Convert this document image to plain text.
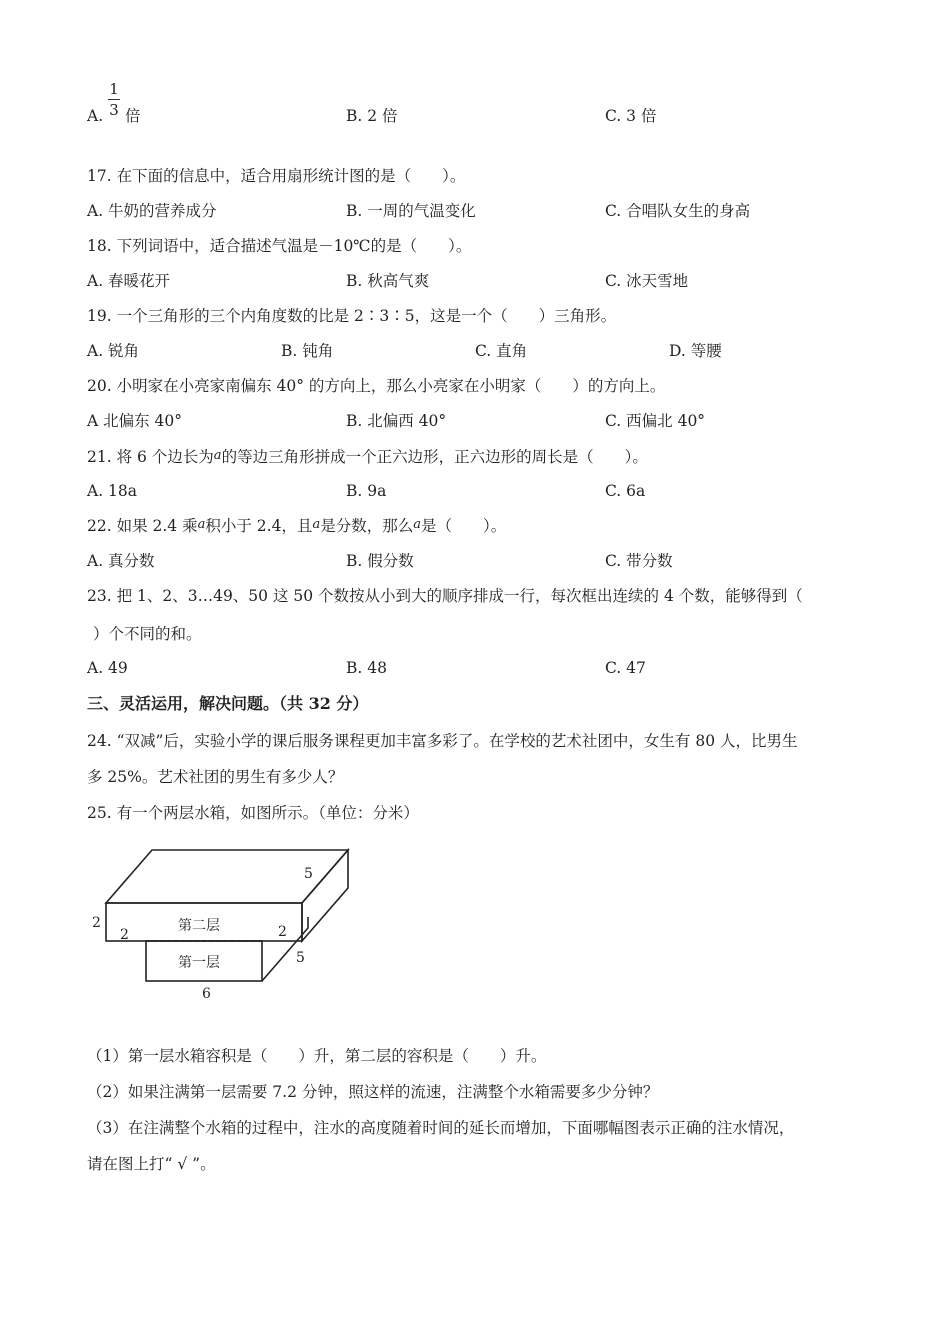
A.
1
3 倍	B. 2 倍	C. 3 倍
17. 在下面的信息中，适合用扇形统计图的是（　　）。
A. 牛奶的营养成分	B. 一周的气温变化	C. 合唱队女生的身高
18. 下列词语中，适合描述气温是－10℃的是（　　）。
A. 春暖花开	B. 秋高气爽	C. 冰天雪地
19. 一个三角形的三个内角度数的比是 2∶3∶5，这是一个（　　）三角形。
A. 锐角	B. 钝角	C. 直角	D. 等腰
20. 小明家在小亮家南偏东 40° 的方向上，那么小亮家在小明家（　　）的方向上。
A 北偏东 40°	B. 北偏西 40°	C. 西偏北 40°
21. 将 6 个边长为a的等边三角形拼成一个正六边形，正六边形的周长是（　　）。
A. 18a	B. 9a	C. 6a
22. 如果 2.4 乘a积小于 2.4，且a是分数，那么a是（　　）。
A. 真分数	B. 假分数	C. 带分数
23. 把 1、2、3…49、50 这 50 个数按从小到大的顺序排成一行，每次框出连续的 4 个数，能够得到（
）个不同的和。
A. 49	B. 48	C. 47
三、灵活运用，解决问题。（共 32 分）
24. “双减”后，实验小学的课后服务课程更加丰富多彩了。在学校的艺术社团中，女生有 80 人，比男生
多 25%。艺术社团的男生有多少人？
25. 有一个两层水箱，如图所示。（单位：分米）
第二层
第一层
5
2
2	2
5
6
（1）第一层水箱容积是（　　）升，第二层的容积是（　　）升。
（2）如果注满第一层需要 7.2 分钟，照这样的流速，注满整个水箱需要多少分钟？
（3）在注满整个水箱的过程中，注水的高度随着时间的延长而增加，下面哪幅图表示正确的注水情况，
请在图上打“ √ ”。
